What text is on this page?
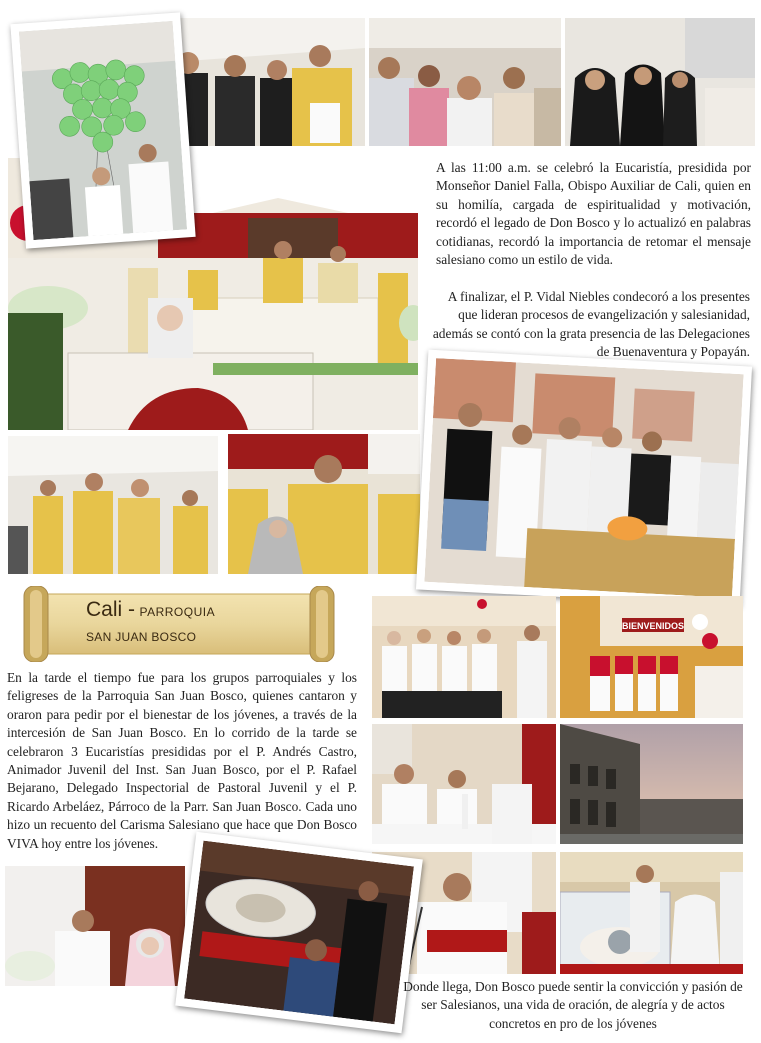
A las 11:00 a.m. se celebró la Eucaristía, presidida por Monseñor Daniel Falla, Obispo Auxiliar de Cali, quien en su homilía, cargada de espiritualidad y motivación, recordó el legado de Don Bosco y lo actualizó en palabras cotidianas, recordó la importancia de retomar el mensaje salesiano como un estilo de vida.
A finalizar, el P. Vidal Niebles condecoró a los presentes que lideran procesos de evangelización y salesianidad, además se contó con la grata presencia de las Delegaciones de Buenaventura y Popayán.
Cali - PARROQUIA
SAN JUAN BOSCO
En la tarde el tiempo fue para los grupos parroquiales y los feligreses de la Parroquia San Juan Bosco, quienes cantaron y oraron para pedir por el bienestar de los jóvenes, a través de la intercesión de San Juan Bosco. En lo corrido de la tarde se celebraron 3 Eucaristías presididas por el P. Andrés Castro, Animador Juvenil del Inst. San Juan Bosco, por el P. Rafael Bejarano, Delegado Inspectorial de Pastoral Juvenil y el P. Ricardo Arbeláez, Párroco de la Parr. San Juan Bosco. Cada uno hizo un recuento del Carisma Salesiano que hace que Don Bosco VIVA hoy entre los jóvenes.
BIENVENIDOS
Donde llega, Don Bosco puede sentir la convicción y pasión de ser Salesianos, una vida de oración, de alegría y de actos concretos en pro de los jóvenes
